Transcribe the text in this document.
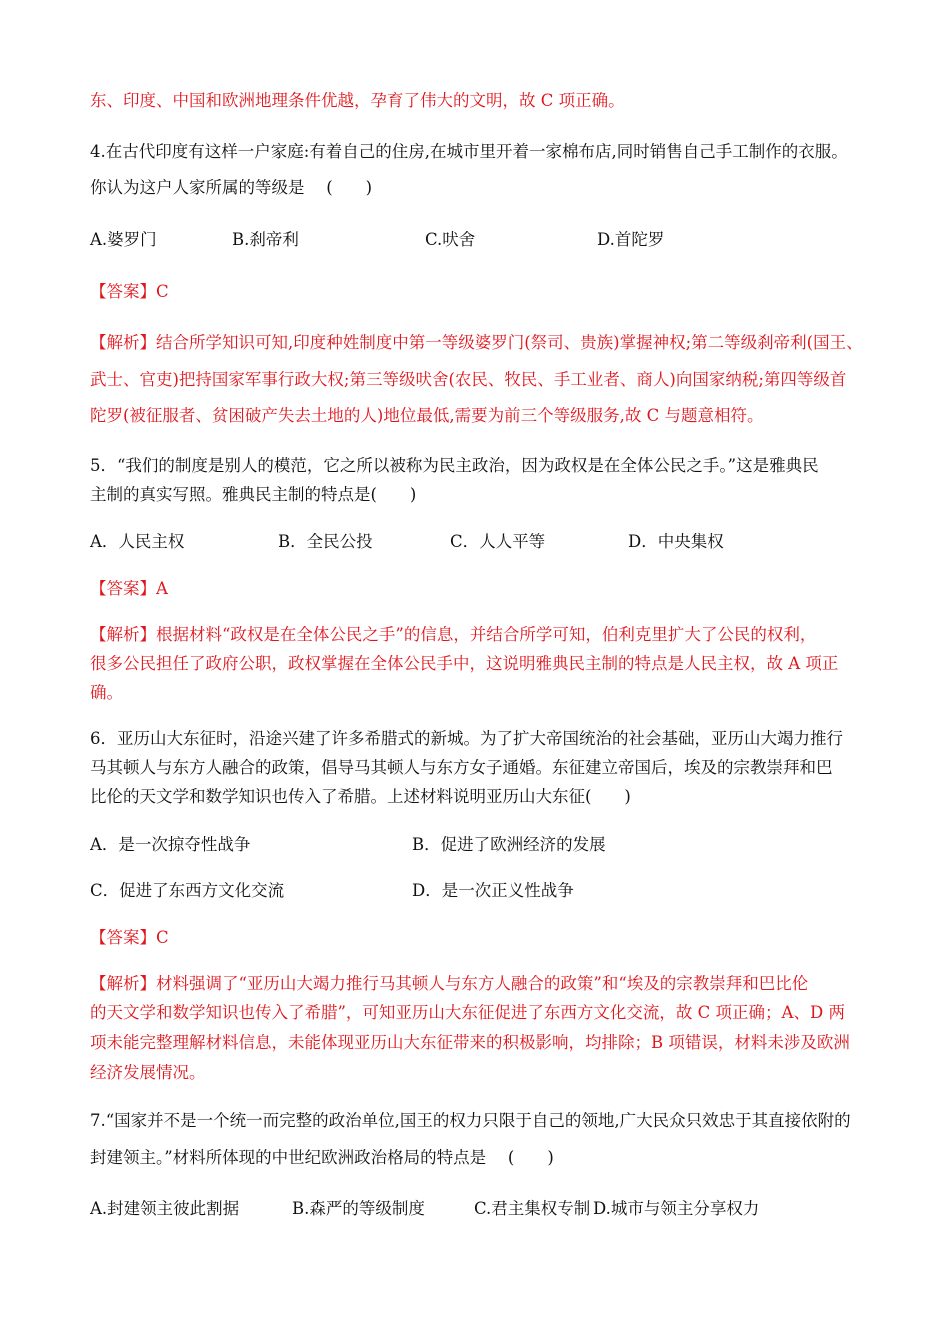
东、印度、中国和欧洲地理条件优越，孕育了伟大的文明，故 C 项正确。
4.在古代印度有这样一户家庭:有着自己的住房,在城市里开着一家棉布店,同时销售自己手工制作的衣服。
你认为这户人家所属的等级是　 (　　)
A.婆罗门	B.刹帝利	C.吠舍	D.首陀罗
【答案】C
【解析】结合所学知识可知,印度种姓制度中第一等级婆罗门(祭司、贵族)掌握神权;第二等级刹帝利(国王、
武士、官吏)把持国家军事行政大权;第三等级吠舍(农民、牧民、手工业者、商人)向国家纳税;第四等级首
陀罗(被征服者、贫困破产失去土地的人)地位最低,需要为前三个等级服务,故 C 与题意相符。
5．“我们的制度是别人的模范，它之所以被称为民主政治，因为政权是在全体公民之手。”这是雅典民
主制的真实写照。雅典民主制的特点是(　　)
A．人民主权	B．全民公投	C．人人平等	D．中央集权
【答案】A
【解析】根据材料“政权是在全体公民之手”的信息，并结合所学可知，伯利克里扩大了公民的权利，
很多公民担任了政府公职，政权掌握在全体公民手中，这说明雅典民主制的特点是人民主权，故 A 项正
确。
6．亚历山大东征时，沿途兴建了许多希腊式的新城。为了扩大帝国统治的社会基础，亚历山大竭力推行
马其顿人与东方人融合的政策，倡导马其顿人与东方女子通婚。东征建立帝国后，埃及的宗教崇拜和巴
比伦的天文学和数学知识也传入了希腊。上述材料说明亚历山大东征(　　)
A．是一次掠夺性战争	B．促进了欧洲经济的发展
C．促进了东西方文化交流	D．是一次正义性战争
【答案】C
【解析】材料强调了“亚历山大竭力推行马其顿人与东方人融合的政策”和“埃及的宗教崇拜和巴比伦
的天文学和数学知识也传入了希腊”，可知亚历山大东征促进了东西方文化交流，故 C 项正确；A、D 两
项未能完整理解材料信息，未能体现亚历山大东征带来的积极影响，均排除；B 项错误，材料未涉及欧洲
经济发展情况。
7.“国家并不是一个统一而完整的政治单位,国王的权力只限于自己的领地,广大民众只效忠于其直接依附的
封建领主。”材料所体现的中世纪欧洲政治格局的特点是　 (　　)
A.封建领主彼此割据	B.森严的等级制度	C.君主集权专制 D.城市与领主分享权力
